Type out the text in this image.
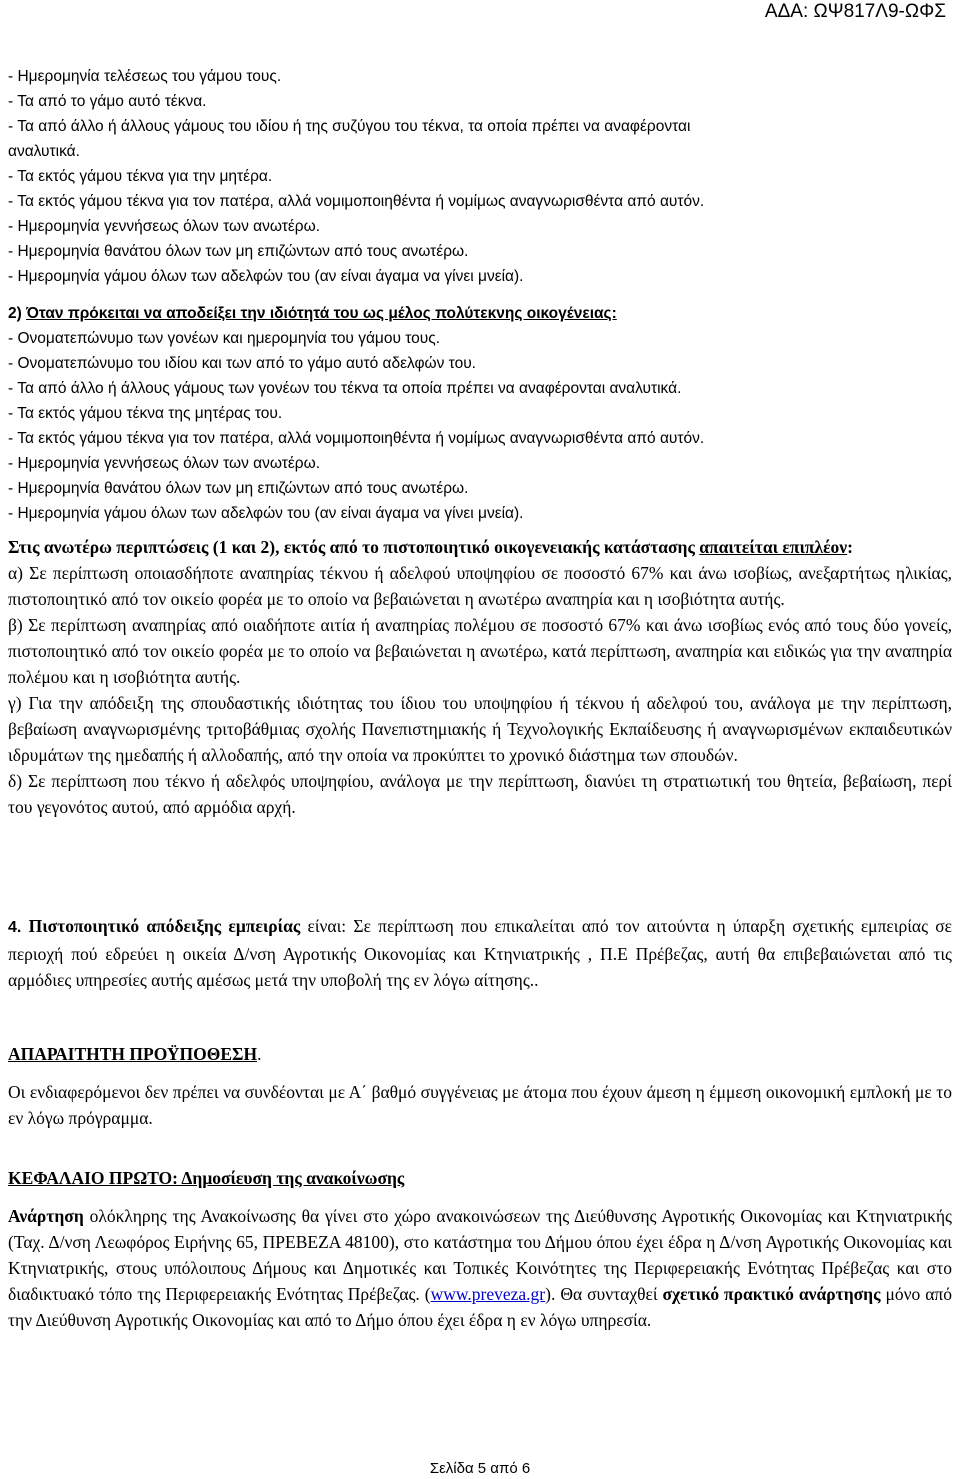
ΑΔΑ: ΩΨ817Λ9-ΩΦΣ
- Ημερομηνία τελέσεως του γάμου τους.
- Τα από το γάμο αυτό τέκνα.
- Τα από άλλο ή άλλους γάμους του ιδίου ή της συζύγου του τέκνα, τα οποία πρέπει να αναφέρονται
αναλυτικά.
- Τα εκτός γάμου τέκνα για την μητέρα.
- Τα εκτός γάμου τέκνα για τον πατέρα, αλλά νομιμοποιηθέντα ή νομίμως αναγνωρισθέντα από αυτόν.
- Ημερομηνία γεννήσεως όλων των ανωτέρω.
- Ημερομηνία θανάτου όλων των μη επιζώντων από τους ανωτέρω.
- Ημερομηνία γάμου όλων των αδελφών του (αν είναι άγαμα να γίνει μνεία).
2) Όταν πρόκειται να αποδείξει την ιδιότητά του ως μέλος πολύτεκνης οικογένειας:
- Ονοματεπώνυμο των γονέων και ημερομηνία του γάμου τους.
- Ονοματεπώνυμο του ιδίου και των από το γάμο αυτό αδελφών του.
- Τα από άλλο ή άλλους γάμους των γονέων του τέκνα τα οποία πρέπει να αναφέρονται αναλυτικά.
- Τα εκτός γάμου τέκνα της μητέρας του.
- Τα εκτός γάμου τέκνα για τον πατέρα, αλλά νομιμοποιηθέντα ή νομίμως αναγνωρισθέντα από αυτόν.
- Ημερομηνία γεννήσεως όλων των ανωτέρω.
- Ημερομηνία θανάτου όλων των μη επιζώντων από τους ανωτέρω.
- Ημερομηνία γάμου όλων των αδελφών του (αν είναι άγαμα να γίνει μνεία).

Στις ανωτέρω περιπτώσεις (1 και 2), εκτός από το πιστοποιητικό οικογενειακής κατάστασης απαιτείται επιπλέον:

α) Σε περίπτωση οποιασδήποτε αναπηρίας τέκνου ή αδελφού υποψηφίου σε ποσοστό 67% και άνω ισοβίως, ανεξαρτήτως ηλικίας, πιστοποιητικό από τον οικείο φορέα με το οποίο να βεβαιώνεται η ανωτέρω αναπηρία και η ισοβιότητα αυτής.

β) Σε περίπτωση αναπηρίας από οιαδήποτε αιτία ή αναπηρίας πολέμου σε ποσοστό 67% και άνω ισοβίως ενός από τους δύο γονείς, πιστοποιητικό από τον οικείο φορέα με το οποίο να βεβαιώνεται η ανωτέρω, κατά περίπτωση, αναπηρία και ειδικώς για την αναπηρία πολέμου και η ισοβιότητα αυτής.

γ) Για την απόδειξη της σπουδαστικής ιδιότητας του ίδιου του υποψηφίου ή τέκνου ή αδελφού του, ανάλογα με την περίπτωση, βεβαίωση αναγνωρισμένης τριτοβάθμιας σχολής Πανεπιστημιακής ή Τεχνολογικής Εκπαίδευσης ή αναγνωρισμένων εκπαιδευτικών ιδρυμάτων της ημεδαπής ή αλλοδαπής, από την οποία να προκύπτει το χρονικό διάστημα των σπουδών.

δ) Σε περίπτωση που τέκνο ή αδελφός υποψηφίου, ανάλογα με την περίπτωση, διανύει τη στρατιωτική του θητεία, βεβαίωση, περί του γεγονότος αυτού, από αρμόδια αρχή.

4. Πιστοποιητικό απόδειξης εμπειρίας είναι: Σε περίπτωση που επικαλείται από τον αιτούντα η ύπαρξη σχετικής εμπειρίας σε περιοχή πού εδρεύει η οικεία Δ/νση Αγροτικής Οικονομίας και Κτηνιατρικής , Π.Ε Πρέβεζας, αυτή θα επιβεβαιώνεται από τις αρμόδιες υπηρεσίες αυτής αμέσως μετά την υποβολή της εν λόγω αίτησης..

ΑΠΑΡΑΙΤΗΤΗ ΠΡΟΫΠΟΘΕΣΗ.

Οι ενδιαφερόμενοι δεν πρέπει να συνδέονται με Α΄ βαθμό συγγένειας με άτομα που έχουν άμεση η έμμεση οικονομική εμπλοκή με το εν λόγω πρόγραμμα.

ΚΕΦΑΛΑΙΟ ΠΡΩΤΟ: Δημοσίευση της ανακοίνωσης

Ανάρτηση ολόκληρης της Ανακοίνωσης θα γίνει στο χώρο ανακοινώσεων της Διεύθυνσης Αγροτικής Οικονομίας και Κτηνιατρικής (Ταχ. Δ/νση Λεωφόρος Ειρήνης 65, ΠΡΕΒΕΖΑ 48100), στο κατάστημα του Δήμου όπου έχει έδρα η Δ/νση Αγροτικής Οικονομίας και Κτηνιατρικής, στους υπόλοιπους Δήμους και Δημοτικές και Τοπικές Κοινότητες της Περιφερειακής Ενότητας Πρέβεζας και στο διαδικτυακό τόπο της Περιφερειακής Ενότητας Πρέβεζας. (www.preveza.gr). Θα συνταχθεί σχετικό πρακτικό ανάρτησης μόνο από την Διεύθυνση Αγροτικής Οικονομίας και από το Δήμο όπου έχει έδρα η εν λόγω υπηρεσία.

Σελίδα 5 από 6
